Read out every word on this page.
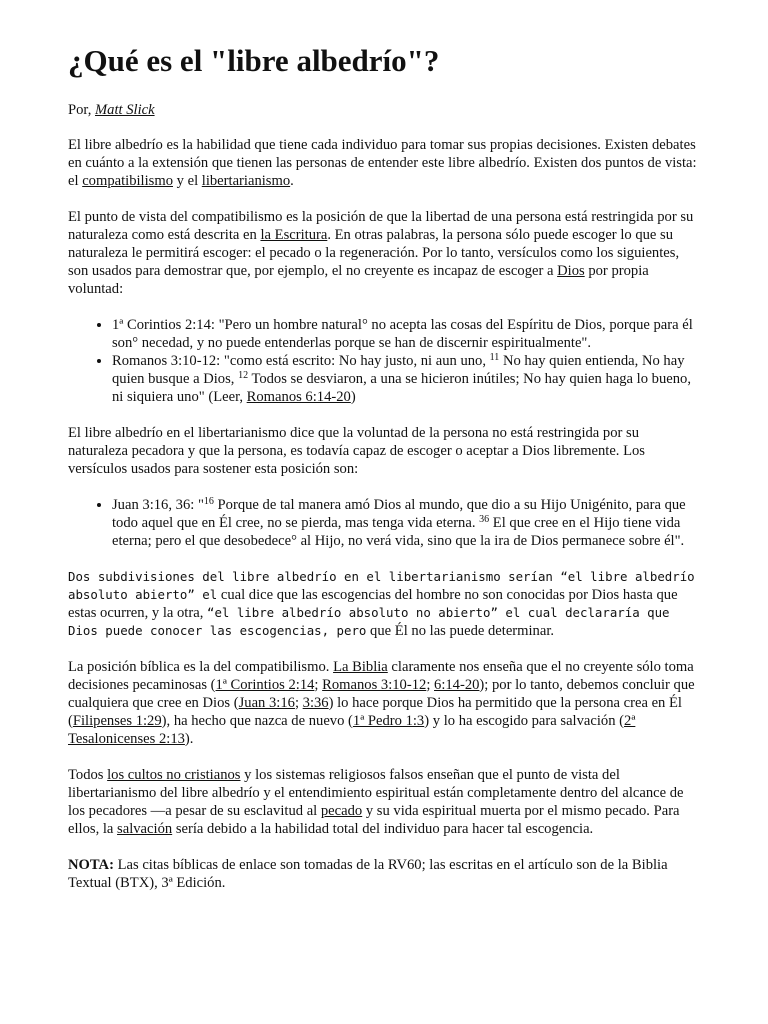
¿Qué es el "libre albedrío"?

Por, Matt Slick

El libre albedrío es la habilidad que tiene cada individuo para tomar sus propias decisiones. Existen debates en cuánto a la extensión que tienen las personas de entender este libre albedrío. Existen dos puntos de vista: el compatibilismo y el libertarianismo.

El punto de vista del compatibilismo es la posición de que la libertad de una persona está restringida por su naturaleza como está descrita en la Escritura. En otras palabras, la persona sólo puede escoger lo que su naturaleza le permitirá escoger: el pecado o la regeneración. Por lo tanto, versículos como los siguientes, son usados para demostrar que, por ejemplo, el no creyente es incapaz de escoger a Dios por propia voluntad:

• 1ª Corintios 2:14: "Pero un hombre natural° no acepta las cosas del Espíritu de Dios, porque para él son° necedad, y no puede entenderlas porque se han de discernir espiritualmente".
• Romanos 3:10-12: "como está escrito: No hay justo, ni aun uno, $^{11}$ No hay quien entienda, No hay quien busque a Dios, $^{12}$ Todos se desviaron, a una se hicieron inútiles; No hay quien haga lo bueno, ni siquiera uno" (Leer, Romanos 6:14-20)

El libre albedrío en el libertarianismo dice que la voluntad de la persona no está restringida por su naturaleza pecadora y que la persona, es todavía capaz de escoger o aceptar a Dios libremente. Los versículos usados para sostener esta posición son:

• Juan 3:16, 36: "$^{16}$ Porque de tal manera amó Dios al mundo, que dio a su Hijo Unigénito, para que todo aquel que en Él cree, no se pierda, mas tenga vida eterna. $^{36}$ El que cree en el Hijo tiene vida eterna; pero el que desobedece° al Hijo, no verá vida, sino que la ira de Dios permanece sobre él".

Dos subdivisiones del libre albedrío en el libertarianismo serían “el libre albedrío absoluto abierto” el cual dice que las escogencias del hombre no son conocidas por Dios hasta que estas ocurren, y la otra, “el libre albedrío absoluto no abierto” el cual declararía que Dios puede conocer las escogencias, pero que Él no las puede determinar.

La posición bíblica es la del compatibilismo. La Biblia claramente nos enseña que el no creyente sólo toma decisiones pecaminosas (1ª Corintios 2:14; Romanos 3:10-12; 6:14-20); por lo tanto, debemos concluir que cualquiera que cree en Dios (Juan 3:16; 3:36) lo hace porque Dios ha permitido que la persona crea en Él (Filipenses 1:29), ha hecho que nazca de nuevo (1ª Pedro 1:3) y lo ha escogido para salvación (2ª Tesalonicenses 2:13).

Todos los cultos no cristianos y los sistemas religiosos falsos enseñan que el punto de vista del libertarianismo del libre albedrío y el entendimiento espiritual están completamente dentro del alcance de los pecadores —a pesar de su esclavitud al pecado y su vida espiritual muerta por el mismo pecado. Para ellos, la salvación sería debido a la habilidad total del individuo para hacer tal escogencia.

NOTA: Las citas bíblicas de enlace son tomadas de la RV60; las escritas en el artículo son de la Biblia Textual (BTX), 3ª Edición.
